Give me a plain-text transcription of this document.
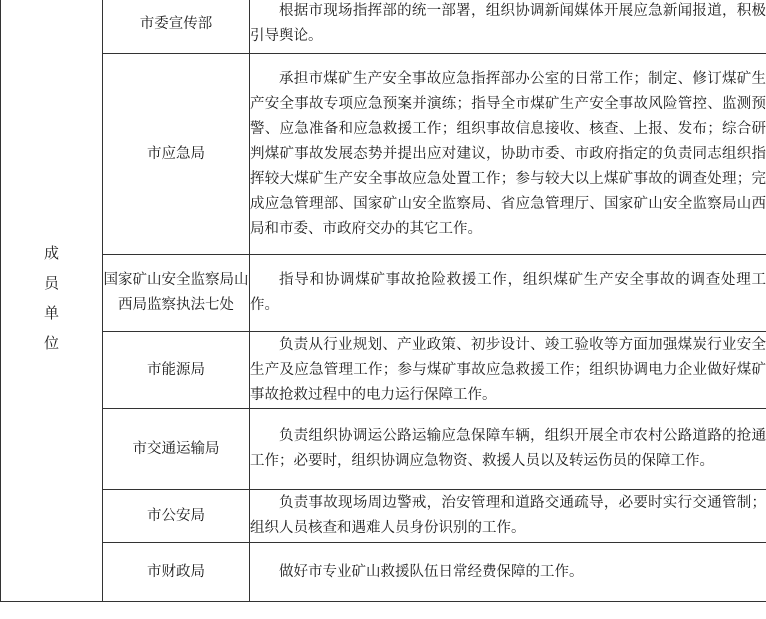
成员单位	市委宣传部	根据市现场指挥部的统一部署，组织协调新闻媒体开展应急新闻报道，积极引导舆论。
	市应急局	承担市煤矿生产安全事故应急指挥部办公室的日常工作；制定、修订煤矿生产安全事故专项应急预案并演练；指导全市煤矿生产安全事故风险管控、监测预警、应急准备和应急救援工作；组织事故信息接收、核查、上报、发布；综合研判煤矿事故发展态势并提出应对建议，协助市委、市政府指定的负责同志组织指挥较大煤矿生产安全事故应急处置工作；参与较大以上煤矿事故的调查处理；完成应急管理部、国家矿山安全监察局、省应急管理厅、国家矿山安全监察局山西局和市委、市政府交办的其它工作。
	国家矿山安全监察局山西局监察执法七处	指导和协调煤矿事故抢险救援工作，组织煤矿生产安全事故的调查处理工作。
	市能源局	负责从行业规划、产业政策、初步设计、竣工验收等方面加强煤炭行业安全生产及应急管理工作；参与煤矿事故应急救援工作；组织协调电力企业做好煤矿事故抢救过程中的电力运行保障工作。
	市交通运输局	负责组织协调运公路运输应急保障车辆，组织开展全市农村公路道路的抢通工作；必要时，组织协调应急物资、救援人员以及转运伤员的保障工作。
	市公安局	负责事故现场周边警戒，治安管理和道路交通疏导，必要时实行交通管制；组织人员核查和遇难人员身份识别的工作。
	市财政局	做好市专业矿山救援队伍日常经费保障的工作。
